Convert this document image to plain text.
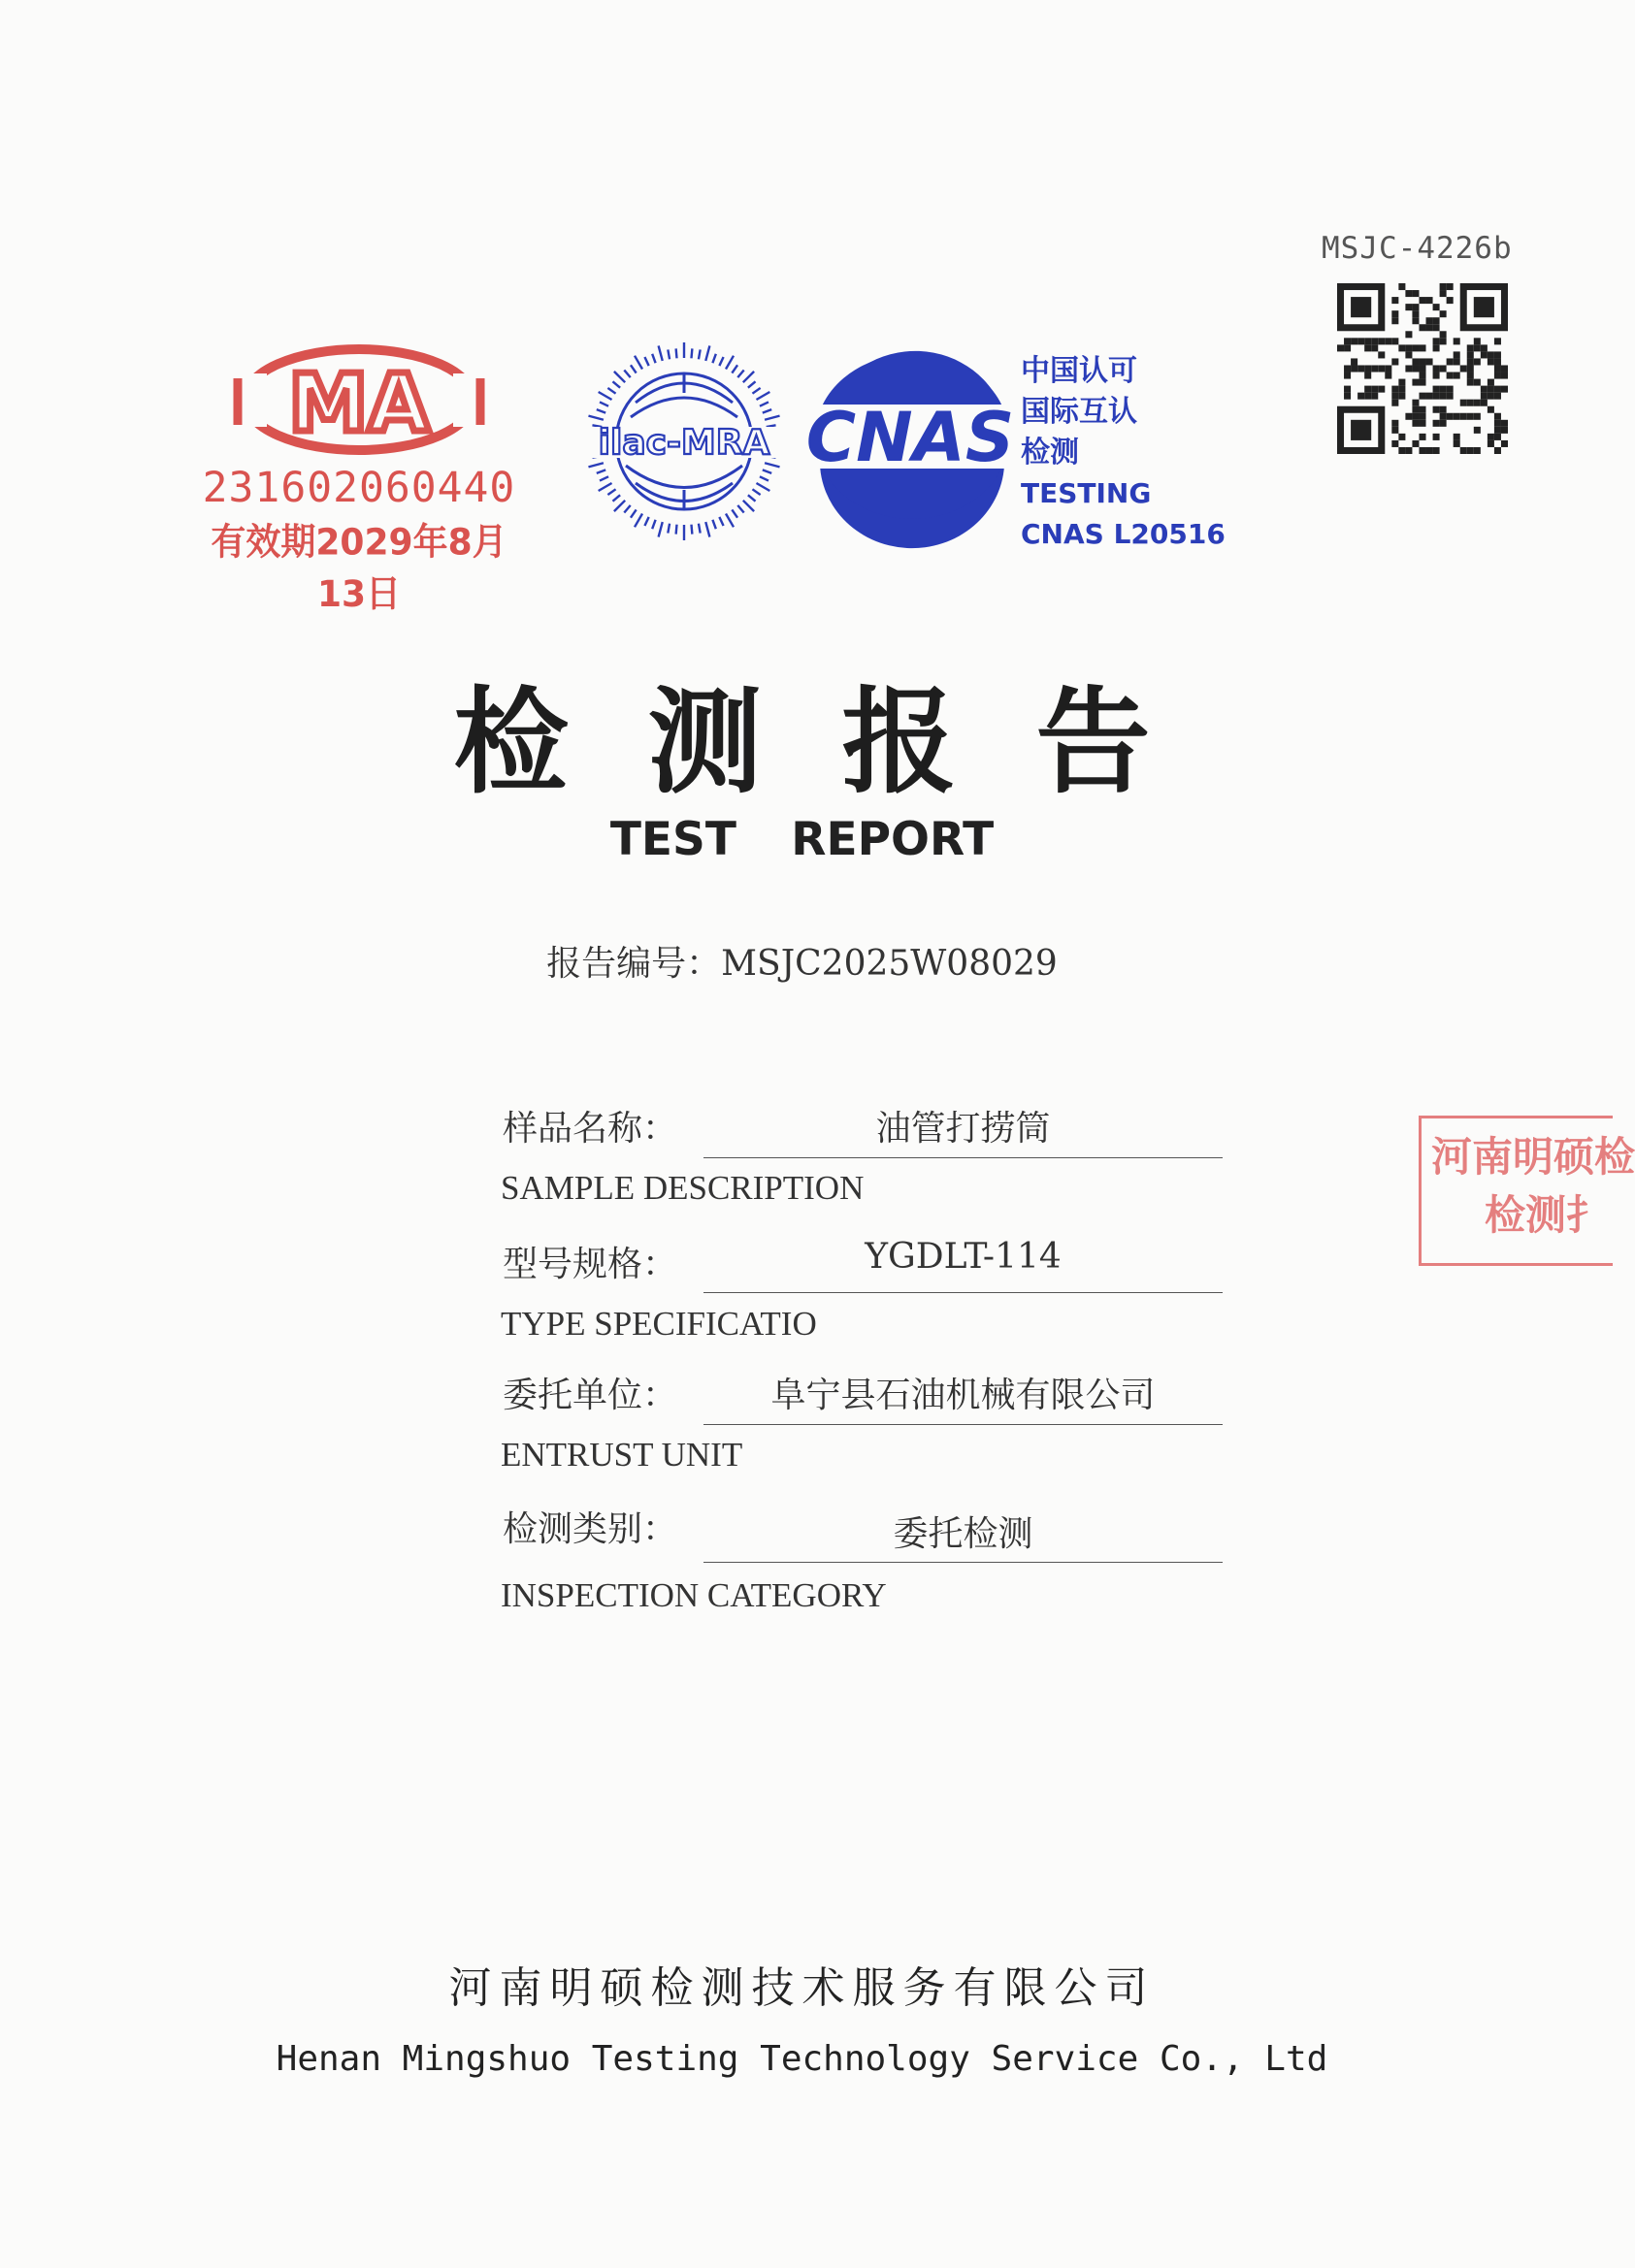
MSJC-4226b
MA
231602060440
有效期2029年8月13日
ilac-MRA CNAS
中国认可
国际互认
检测
TESTING
CNAS L20516
检测报告
TEST REPORT
报告编号：MSJC2025W08029
样品名称：	油管打捞筒
SAMPLE DESCRIPTION
型号规格：	YGDLT-114
TYPE SPECIFICATIO
委托单位：	阜宁县石油机械有限公司
ENTRUST UNIT
检测类别：	委托检测
INSPECTION CATEGORY
河南明硕检
检测扌
河南明硕检测技术服务有限公司
Henan Mingshuo Testing Technology Service Co., Ltd
